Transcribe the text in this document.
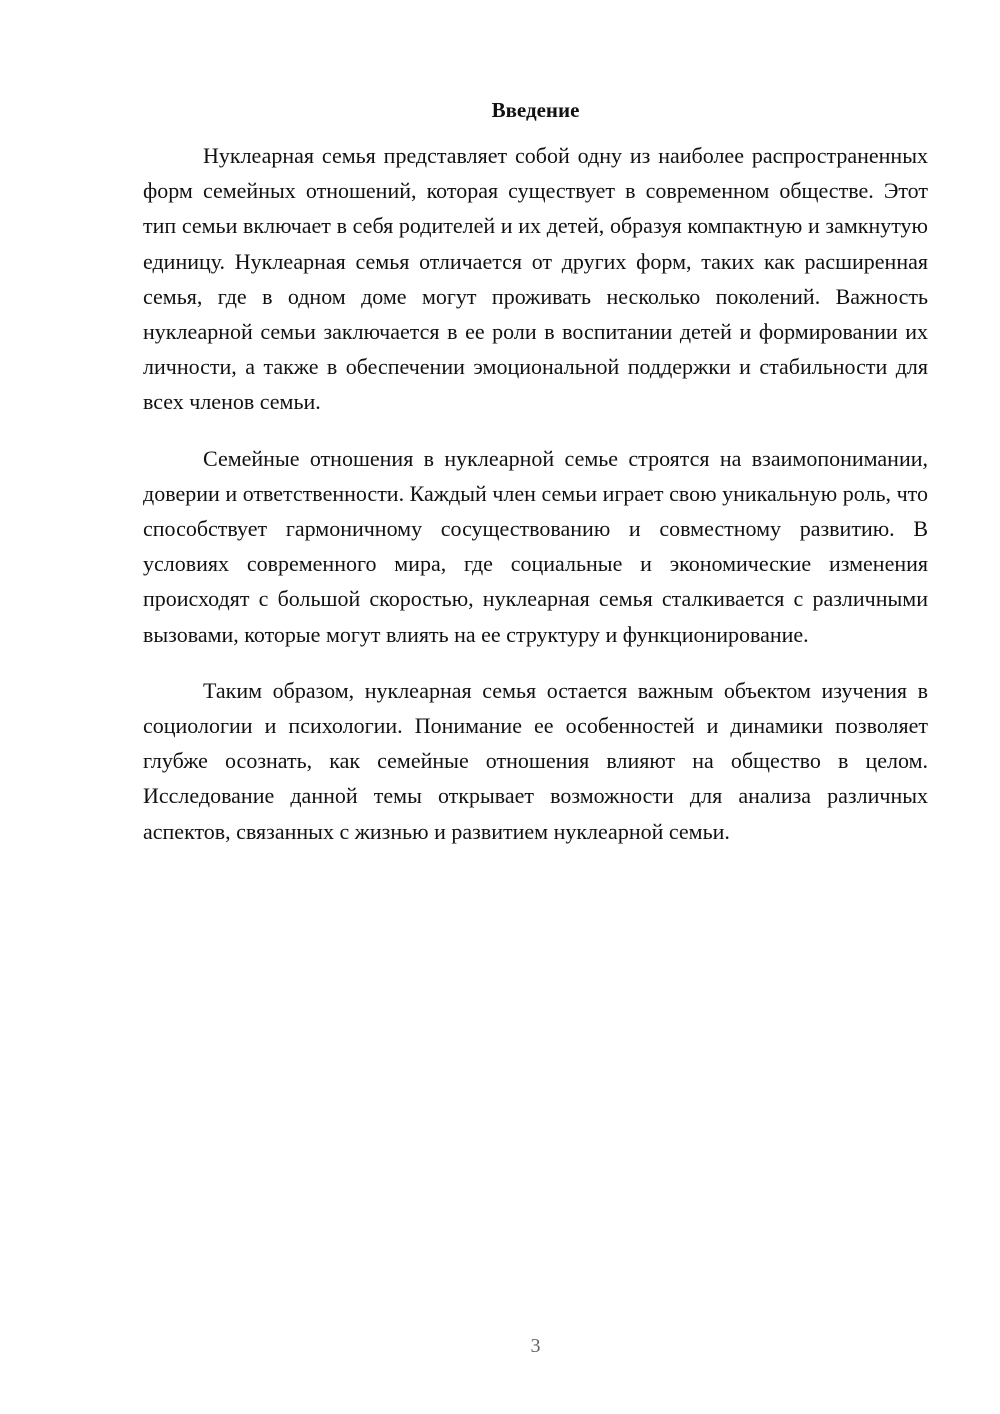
Введение

Нуклеарная семья представляет собой одну из наиболее распространенных форм семейных отношений, которая существует в современном обществе. Этот тип семьи включает в себя родителей и их детей, образуя компактную и замкнутую единицу. Нуклеарная семья отличается от других форм, таких как расширенная семья, где в одном доме могут проживать несколько поколений. Важность нуклеарной семьи заключается в ее роли в воспитании детей и формировании их личности, а также в обеспечении эмоциональной поддержки и стабильности для всех членов семьи.

Семейные отношения в нуклеарной семье строятся на взаимопонимании, доверии и ответственности. Каждый член семьи играет свою уникальную роль, что способствует гармоничному сосуществованию и совместному развитию. В условиях современного мира, где социальные и экономические изменения происходят с большой скоростью, нуклеарная семья сталкивается с различными вызовами, которые могут влиять на ее структуру и функционирование.

Таким образом, нуклеарная семья остается важным объектом изучения в социологии и психологии. Понимание ее особенностей и динамики позволяет глубже осознать, как семейные отношения влияют на общество в целом. Исследование данной темы открывает возможности для анализа различных аспектов, связанных с жизнью и развитием нуклеарной семьи.

3
